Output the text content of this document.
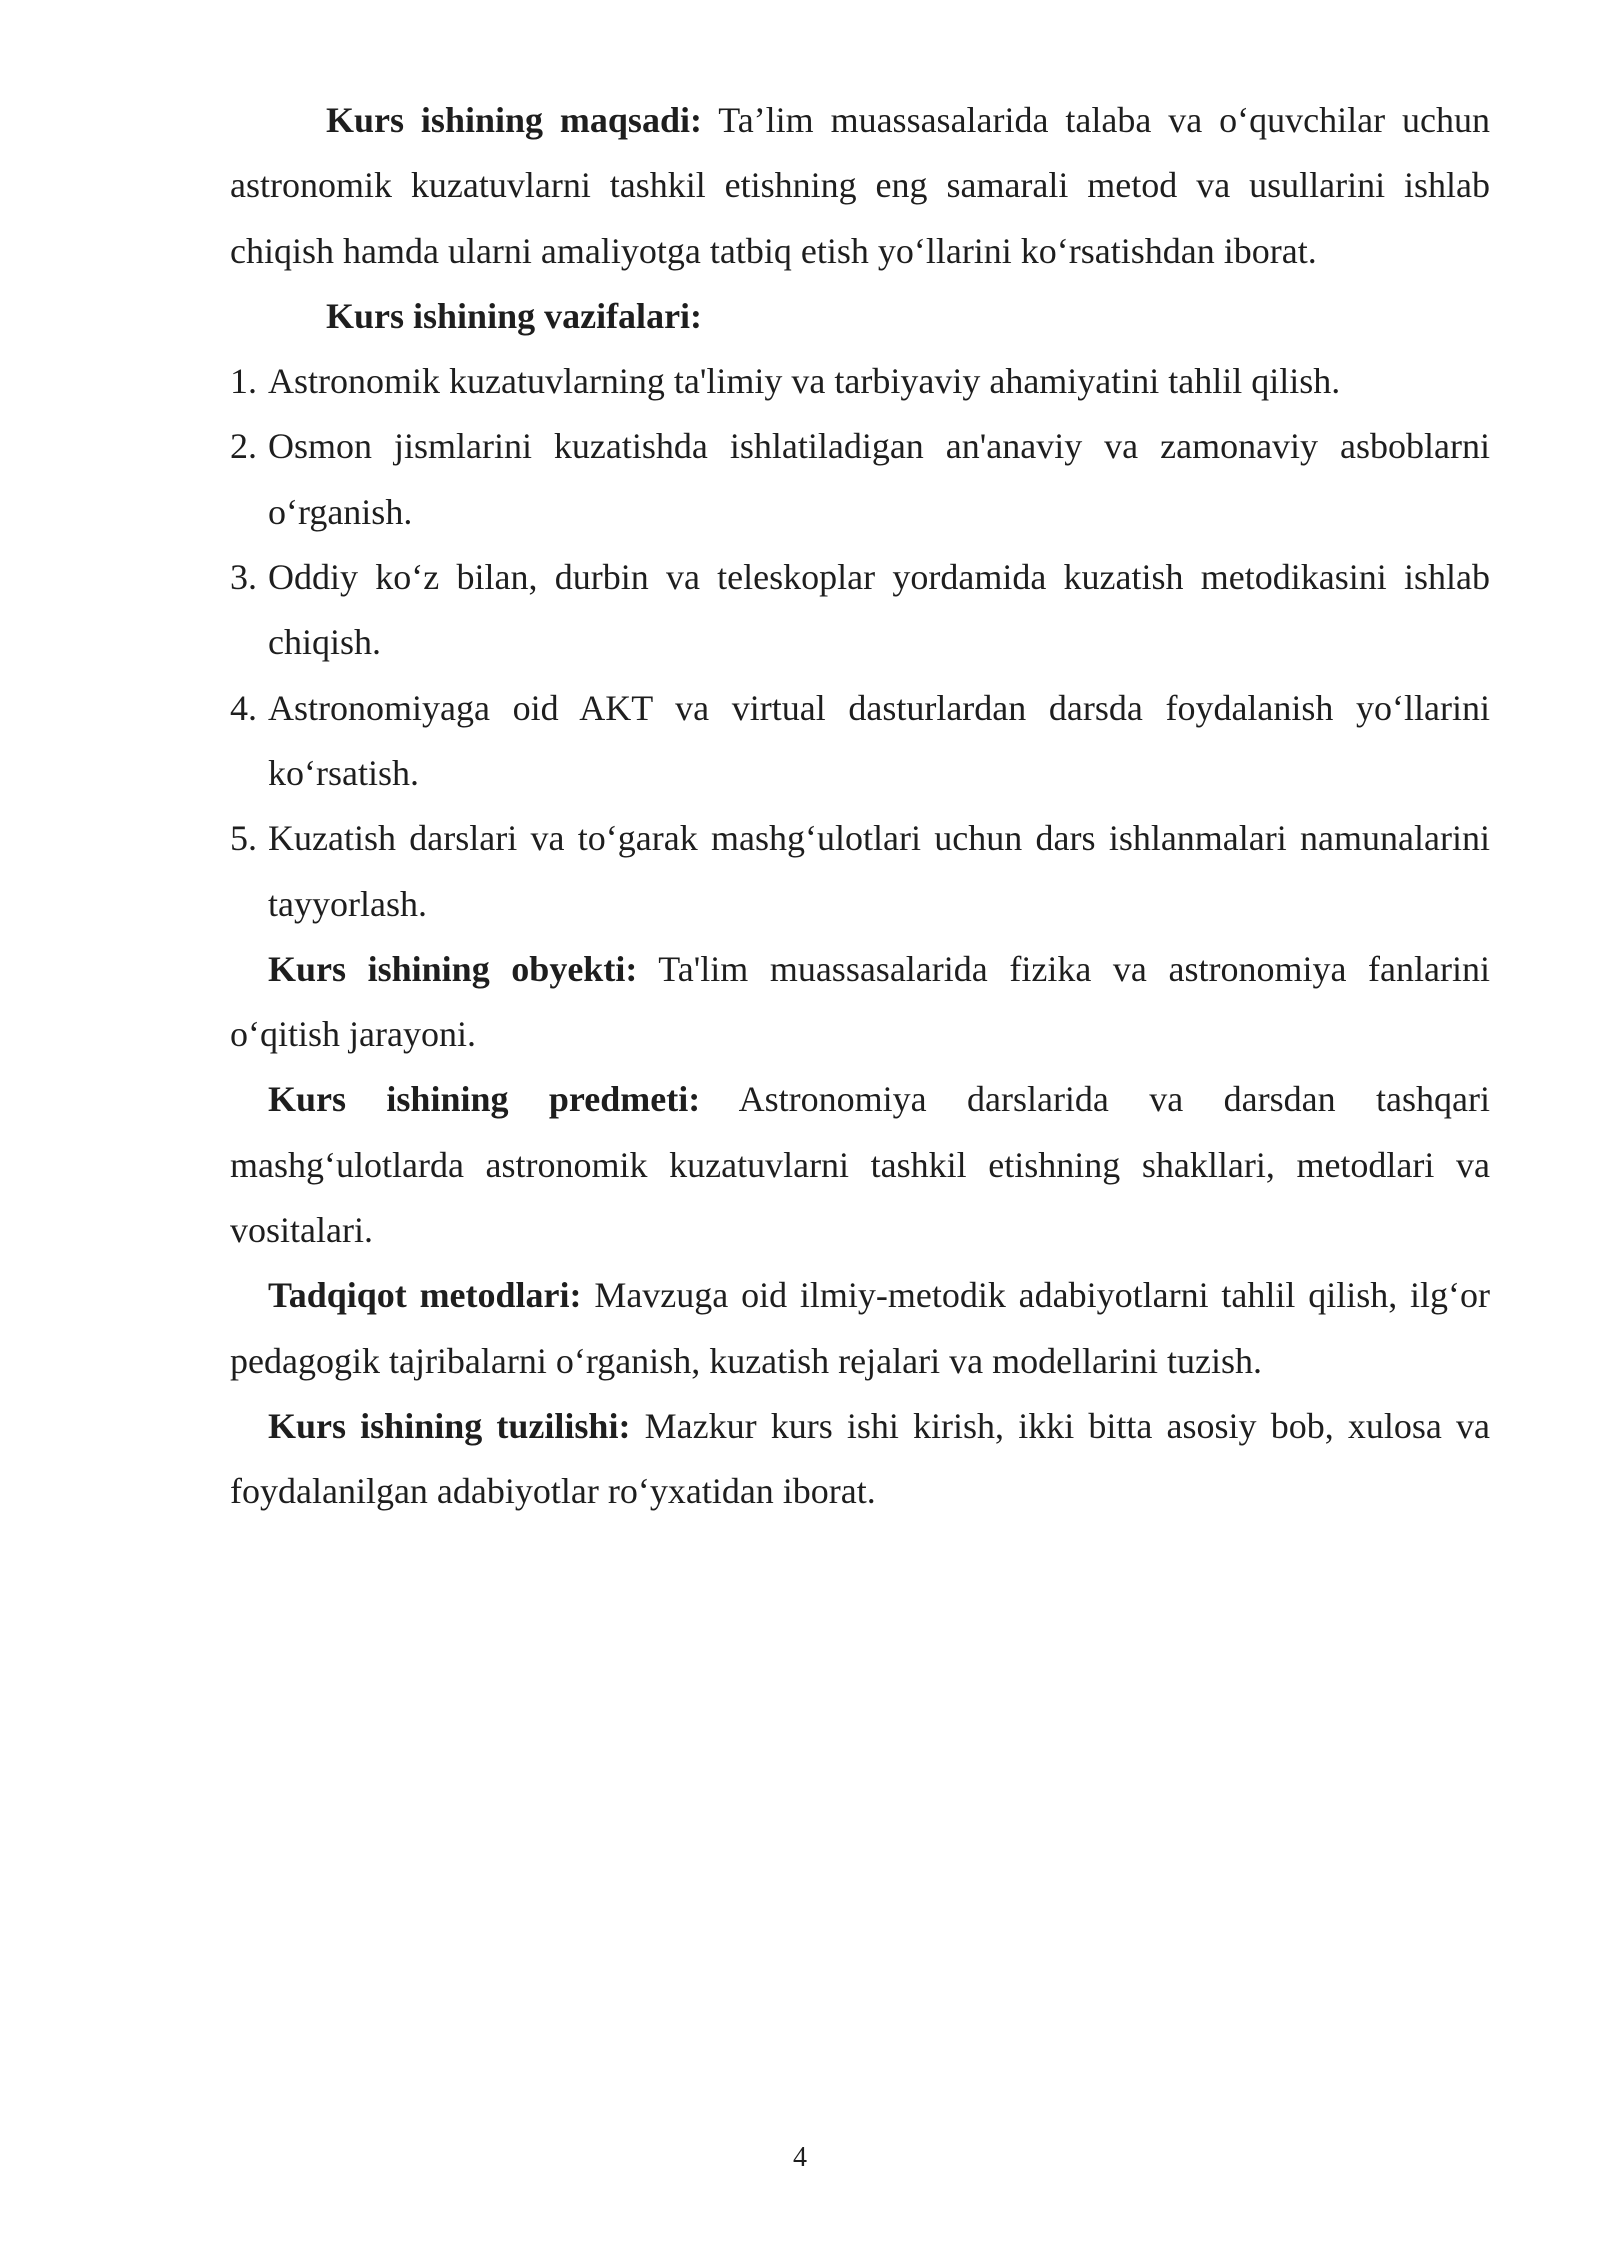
Kurs ishining maqsadi: Ta’lim muassasalarida talaba va o‘quvchilar uchun astronomik kuzatuvlarni tashkil etishning eng samarali metod va usullarini ishlab chiqish hamda ularni amaliyotga tatbiq etish yo‘llarini ko‘rsatishdan iborat.

Kurs ishining vazifalari:

1. Astronomik kuzatuvlarning ta'limiy va tarbiyaviy ahamiyatini tahlil qilish.
2. Osmon jismlarini kuzatishda ishlatiladigan an'anaviy va zamonaviy asboblarni o‘rganish.
3. Oddiy ko‘z bilan, durbin va teleskoplar yordamida kuzatish metodikasini ishlab chiqish.
4. Astronomiyaga oid AKT va virtual dasturlardan darsda foydalanish yo‘llarini ko‘rsatish.
5. Kuzatish darslari va to‘garak mashg‘ulotlari uchun dars ishlanmalari namunalarini tayyorlash.

Kurs ishining obyekti: Ta'lim muassasalarida fizika va astronomiya fanlarini o‘qitish jarayoni.

Kurs ishining predmeti: Astronomiya darslarida va darsdan tashqari mashg‘ulotlarda astronomik kuzatuvlarni tashkil etishning shakllari, metodlari va vositalari.

Tadqiqot metodlari: Mavzuga oid ilmiy-metodik adabiyotlarni tahlil qilish, ilg‘or pedagogik tajribalarni o‘rganish, kuzatish rejalari va modellarini tuzish.

Kurs ishining tuzilishi: Mazkur kurs ishi kirish, ikki bitta asosiy bob, xulosa va foydalanilgan adabiyotlar ro‘yxatidan iborat.

4
